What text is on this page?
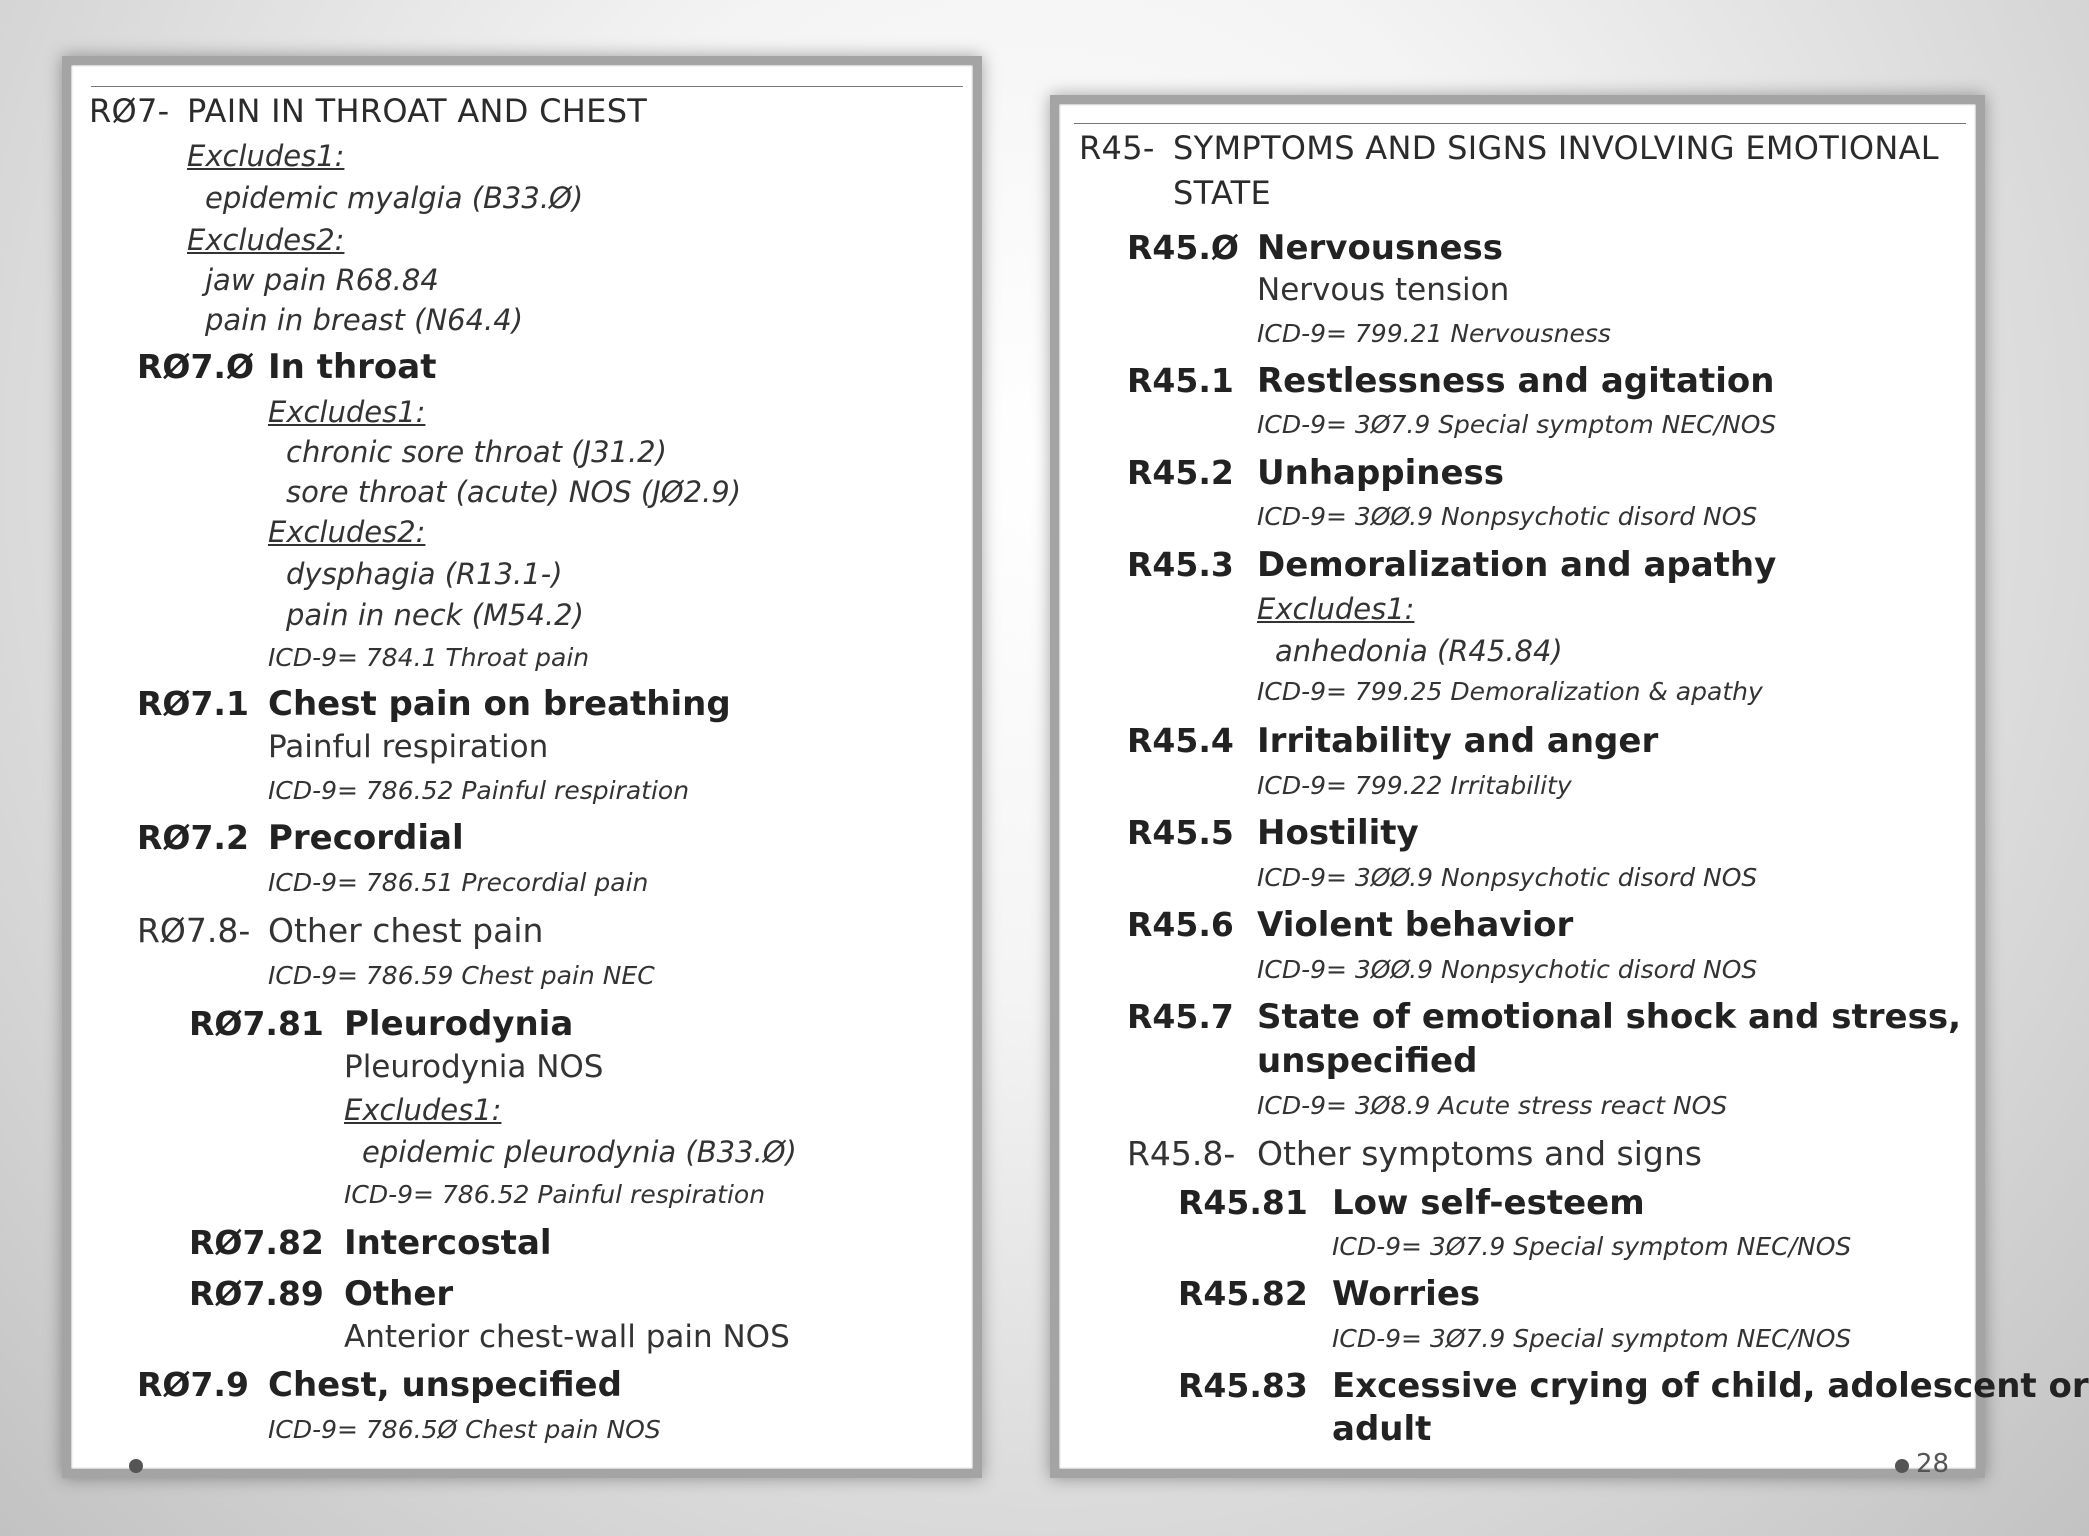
RØ7- PAIN IN THROAT AND CHEST
Excludes1:
epidemic myalgia (B33.Ø)
Excludes2:
jaw pain R68.84
pain in breast (N64.4)
RØ7.Ø In throat
Excludes1:
chronic sore throat (J31.2)
sore throat (acute) NOS (JØ2.9)
Excludes2:
dysphagia (R13.1-)
pain in neck (M54.2)
ICD-9= 784.1 Throat pain
RØ7.1 Chest pain on breathing
Painful respiration
ICD-9= 786.52 Painful respiration
RØ7.2 Precordial
ICD-9= 786.51 Precordial pain
RØ7.8- Other chest pain
ICD-9= 786.59 Chest pain NEC
RØ7.81 Pleurodynia
Pleurodynia NOS
Excludes1:
epidemic pleurodynia (B33.Ø)
ICD-9= 786.52 Painful respiration
RØ7.82 Intercostal
RØ7.89 Other
Anterior chest-wall pain NOS
RØ7.9 Chest, unspecified
ICD-9= 786.5Ø Chest pain NOS
R45- SYMPTOMS AND SIGNS INVOLVING EMOTIONAL
STATE
R45.Ø Nervousness
Nervous tension
ICD-9= 799.21 Nervousness
R45.1 Restlessness and agitation
ICD-9= 3Ø7.9 Special symptom NEC/NOS
R45.2 Unhappiness
ICD-9= 3ØØ.9 Nonpsychotic disord NOS
R45.3 Demoralization and apathy
Excludes1:
anhedonia (R45.84)
ICD-9= 799.25 Demoralization & apathy
R45.4 Irritability and anger
ICD-9= 799.22 Irritability
R45.5 Hostility
ICD-9= 3ØØ.9 Nonpsychotic disord NOS
R45.6 Violent behavior
ICD-9= 3ØØ.9 Nonpsychotic disord NOS
R45.7 State of emotional shock and stress,
unspecified
ICD-9= 3Ø8.9 Acute stress react NOS
R45.8- Other symptoms and signs
R45.81 Low self-esteem
ICD-9= 3Ø7.9 Special symptom NEC/NOS
R45.82 Worries
ICD-9= 3Ø7.9 Special symptom NEC/NOS
R45.83 Excessive crying of child, adolescent or
adult
28
